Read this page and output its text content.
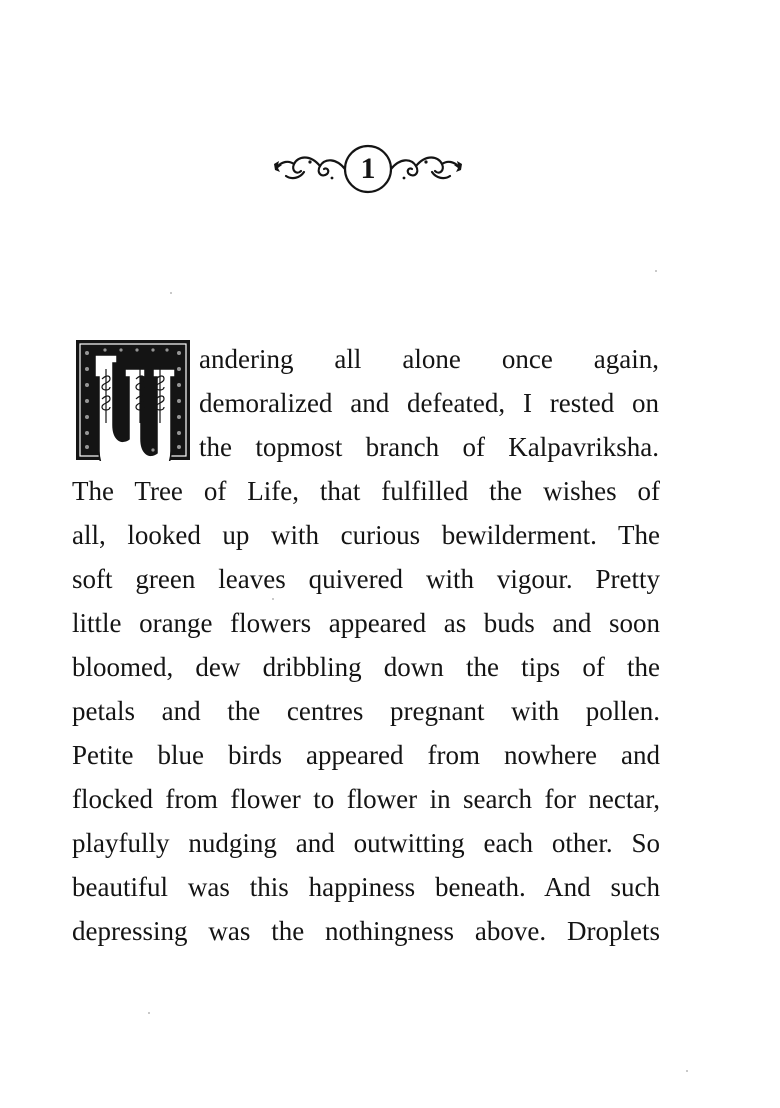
1
andering all alone once again,
demoralized and defeated, I rested on
the topmost branch of Kalpavriksha.
The Tree of Life, that fulfilled the wishes of
all, looked up with curious bewilderment. The
soft green leaves quivered with vigour. Pretty
little orange flowers appeared as buds and soon
bloomed, dew dribbling down the tips of the
petals and the centres pregnant with pollen.
Petite blue birds appeared from nowhere and
flocked from flower to flower in search for nectar,
playfully nudging and outwitting each other. So
beautiful was this happiness beneath. And such
depressing was the nothingness above. Droplets
